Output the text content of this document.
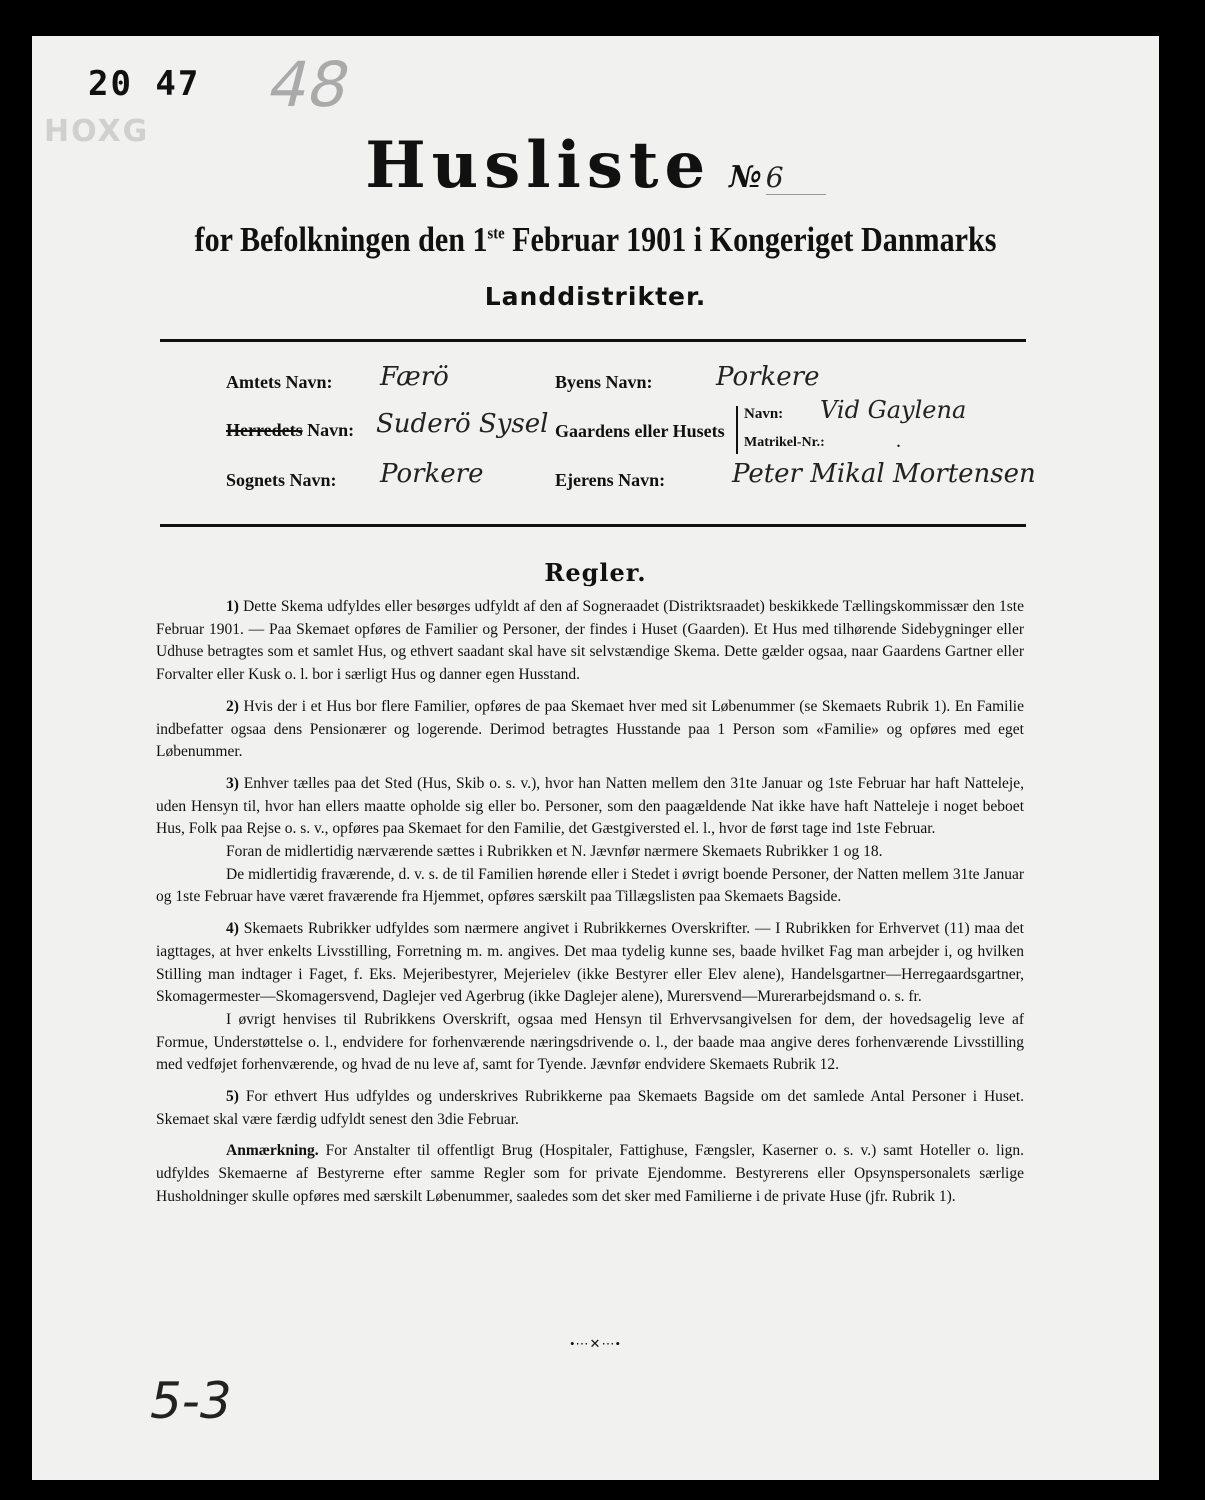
20 47 48
HOXG	Husliste № 6
for Befolkningen den 1ste Februar 1901 i Kongeriget Danmarks
Landdistrikter.
Amtets Navn: Færö
Herredets Navn: Suderö Sysel
Sognets Navn: Porkere
Byens Navn: Porkere
Gaardens eller Husets
Navn: Vid Gaylena
Matrikel-Nr.:	.
Ejerens Navn:	Peter Mikal Mortensen
Regler.

1) Dette Skema udfyldes eller besørges udfyldt af den af Sogneraadet (Distriktsraadet) beskikkede Tællingskommissær den 1ste Februar 1901. — Paa Skemaet opføres de Familier og Personer, der findes i Huset (Gaarden). Et Hus med tilhørende Sidebygninger eller Udhuse betragtes som et samlet Hus, og ethvert saadant skal have sit selvstændige Skema. Dette gælder ogsaa, naar Gaardens Gartner eller Forvalter eller Kusk o. l. bor i særligt Hus og danner egen Husstand.

2) Hvis der i et Hus bor flere Familier, opføres de paa Skemaet hver med sit Løbenummer (se Skemaets Rubrik 1). En Familie indbefatter ogsaa dens Pensionærer og logerende. Derimod betragtes Husstande paa 1 Person som «Familie» og opføres med eget Løbenummer.

3) Enhver tælles paa det Sted (Hus, Skib o. s. v.), hvor han Natten mellem den 31te Januar og 1ste Februar har haft Natteleje, uden Hensyn til, hvor han ellers maatte opholde sig eller bo. Personer, som den paagældende Nat ikke have haft Natteleje i noget beboet Hus, Folk paa Rejse o. s. v., opføres paa Skemaet for den Familie, det Gæstgiversted el. l., hvor de først tage ind 1ste Februar.

Foran de midlertidig nærværende sættes i Rubrikken et N. Jævnfør nærmere Skemaets Rubrikker 1 og 18.

De midlertidig fraværende, d. v. s. de til Familien hørende eller i Stedet i øvrigt boende Personer, der Natten mellem 31te Januar og 1ste Februar have været fraværende fra Hjemmet, opføres særskilt paa Tillægslisten paa Skemaets Bagside.

4) Skemaets Rubrikker udfyldes som nærmere angivet i Rubrikkernes Overskrifter. — I Rubrikken for Erhvervet (11) maa det iagttages, at hver enkelts Livsstilling, Forretning m. m. angives. Det maa tydelig kunne ses, baade hvilket Fag man arbejder i, og hvilken Stilling man indtager i Faget, f. Eks. Mejeribestyrer, Mejerielev (ikke Bestyrer eller Elev alene), Handelsgartner—Herregaardsgartner, Skomagermester—Skomagersvend, Daglejer ved Agerbrug (ikke Daglejer alene), Murersvend—Murerarbejdsmand o. s. fr.

I øvrigt henvises til Rubrikkens Overskrift, ogsaa med Hensyn til Erhvervsangivelsen for dem, der hovedsagelig leve af Formue, Understøttelse o. l., endvidere for forhenværende næringsdrivende o. l., der baade maa angive deres forhenværende Livsstilling med vedføjet forhenværende, og hvad de nu leve af, samt for Tyende. Jævnfør endvidere Skemaets Rubrik 12.

5) For ethvert Hus udfyldes og underskrives Rubrikkerne paa Skemaets Bagside om det samlede Antal Personer i Huset. Skemaet skal være færdig udfyldt senest den 3die Februar.

Anmærkning. For Anstalter til offentligt Brug (Hospitaler, Fattighuse, Fængsler, Kaserner o. s. v.) samt Hoteller o. lign. udfyldes Skemaerne af Bestyrerne efter samme Regler som for private Ejendomme. Bestyrerens eller Opsynspersonalets særlige Husholdninger skulle opføres med særskilt Løbenummer, saaledes som det sker med Familierne i de private Huse (jfr. Rubrik 1).

•⋯✕⋯•
5-3
